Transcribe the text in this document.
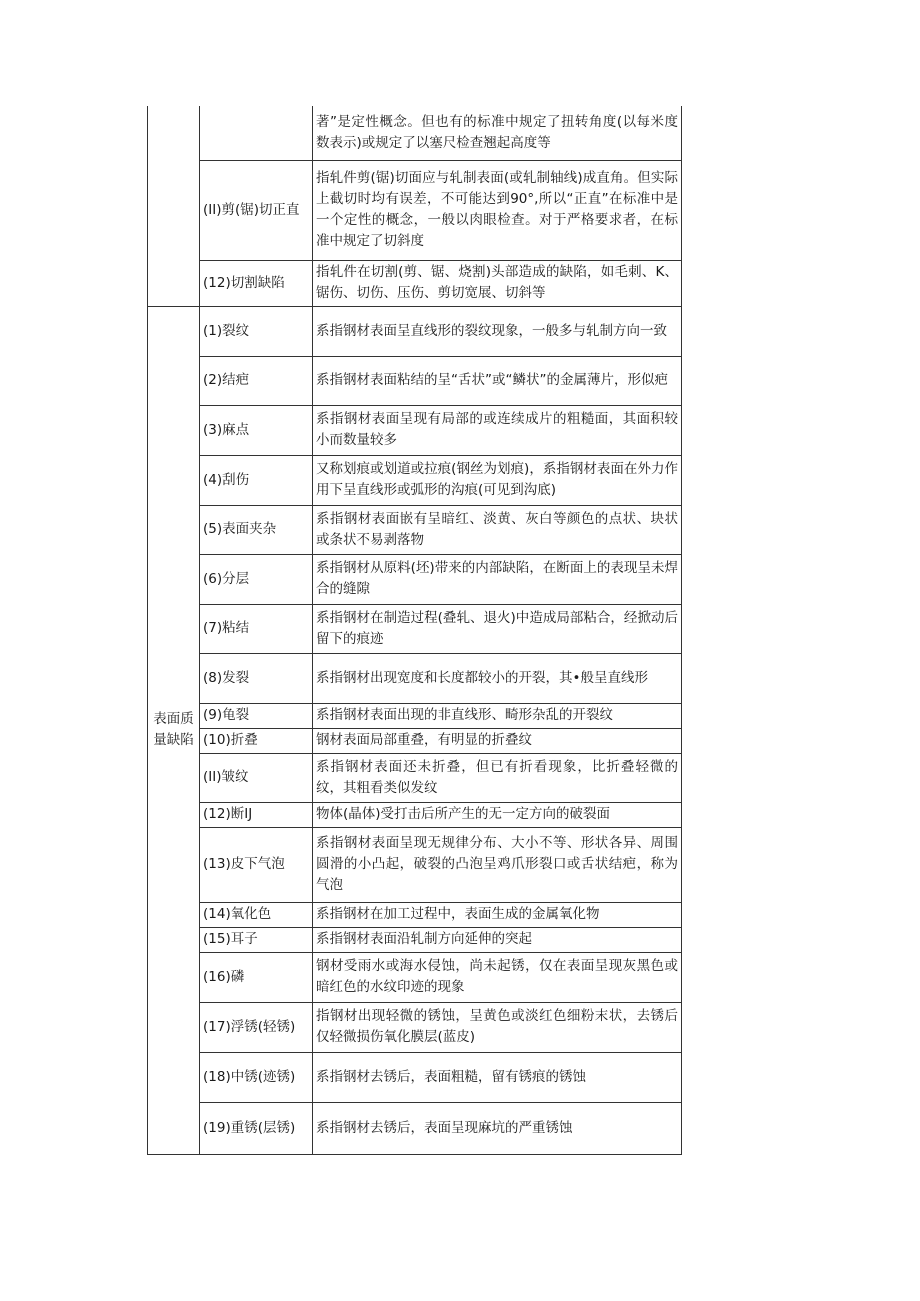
		著”是定性概念。但也有的标准中规定了扭转角度(以每米度数表示)或规定了以塞尺检查翘起高度等
	(II)剪(锯)切正直	指轧件剪(锯)切面应与轧制表面(或轧制轴线)成直角。但实际上截切时均有误差，不可能达到90°,所以“正直”在标准中是一个定性的概念，一般以肉眼检查。对于严格要求者，在标准中规定了切斜度
	(12)切割缺陷	指轧件在切割(剪、锯、烧割)头部造成的缺陷，如毛刺、K、锯伤、切伤、压伤、剪切宽展、切斜等
表面质量缺陷	(1)裂纹	系指钢材表面呈直线形的裂纹现象，一般多与轧制方向一致
	(2)结疤	系指钢材表面粘结的呈“舌状”或“鳞状”的金属薄片，形似疤
	(3)麻点	系指钢材表面呈现有局部的或连续成片的粗糙面，其面积较小而数量较多
	(4)刮伤	又称划痕或划道或拉痕(钢丝为划痕)，系指钢材表面在外力作用下呈直线形或弧形的沟痕(可见到沟底)
	(5)表面夹杂	系指钢材表面嵌有呈暗红、淡黄、灰白等颜色的点状、块状或条状不易剥落物
	(6)分层	系指钢材从原料(坯)带来的内部缺陷，在断面上的表现呈未焊合的缝隙
	(7)粘结	系指钢材在制造过程(叠轧、退火)中造成局部粘合，经掀动后留下的痕迹
	(8)发裂	系指钢材出现宽度和长度都较小的开裂，其•般呈直线形
	(9)龟裂	系指钢材表面出现的非直线形、畸形杂乱的开裂纹
	(10)折叠	钢材表面局部重叠，有明显的折叠纹
	(II)皱纹	系指钢材表面还未折叠，但已有折看现象，比折叠轻微的纹，其粗看类似发纹
	(12)断IJ	物体(晶体)受打击后所产生的无一定方向的破裂面
	(13)皮下气泡	系指钢材表面呈现无规律分布、大小不等、形状各异、周围圆滑的小凸起，破裂的凸泡呈鸡爪形裂口或舌状结疤，称为气泡
	(14)氧化色	系指钢材在加工过程中，表面生成的金属氧化物
	(15)耳子	系指钢材表面沿轧制方向延伸的突起
	(16)磷	钢材受雨水或海水侵蚀，尚未起锈，仅在表面呈现灰黑色或暗红色的水纹印迹的现象
	(17)浮锈(轻锈)	指钢材出现轻微的锈蚀，呈黄色或淡红色细粉末状，去锈后仅轻微损伤氧化膜层(蓝皮)
	(18)中锈(迹锈)	系指钢材去锈后，表面粗糙，留有锈痕的锈蚀
	(19)重锈(层锈)	系指钢材去锈后，表面呈现麻坑的严重锈蚀
